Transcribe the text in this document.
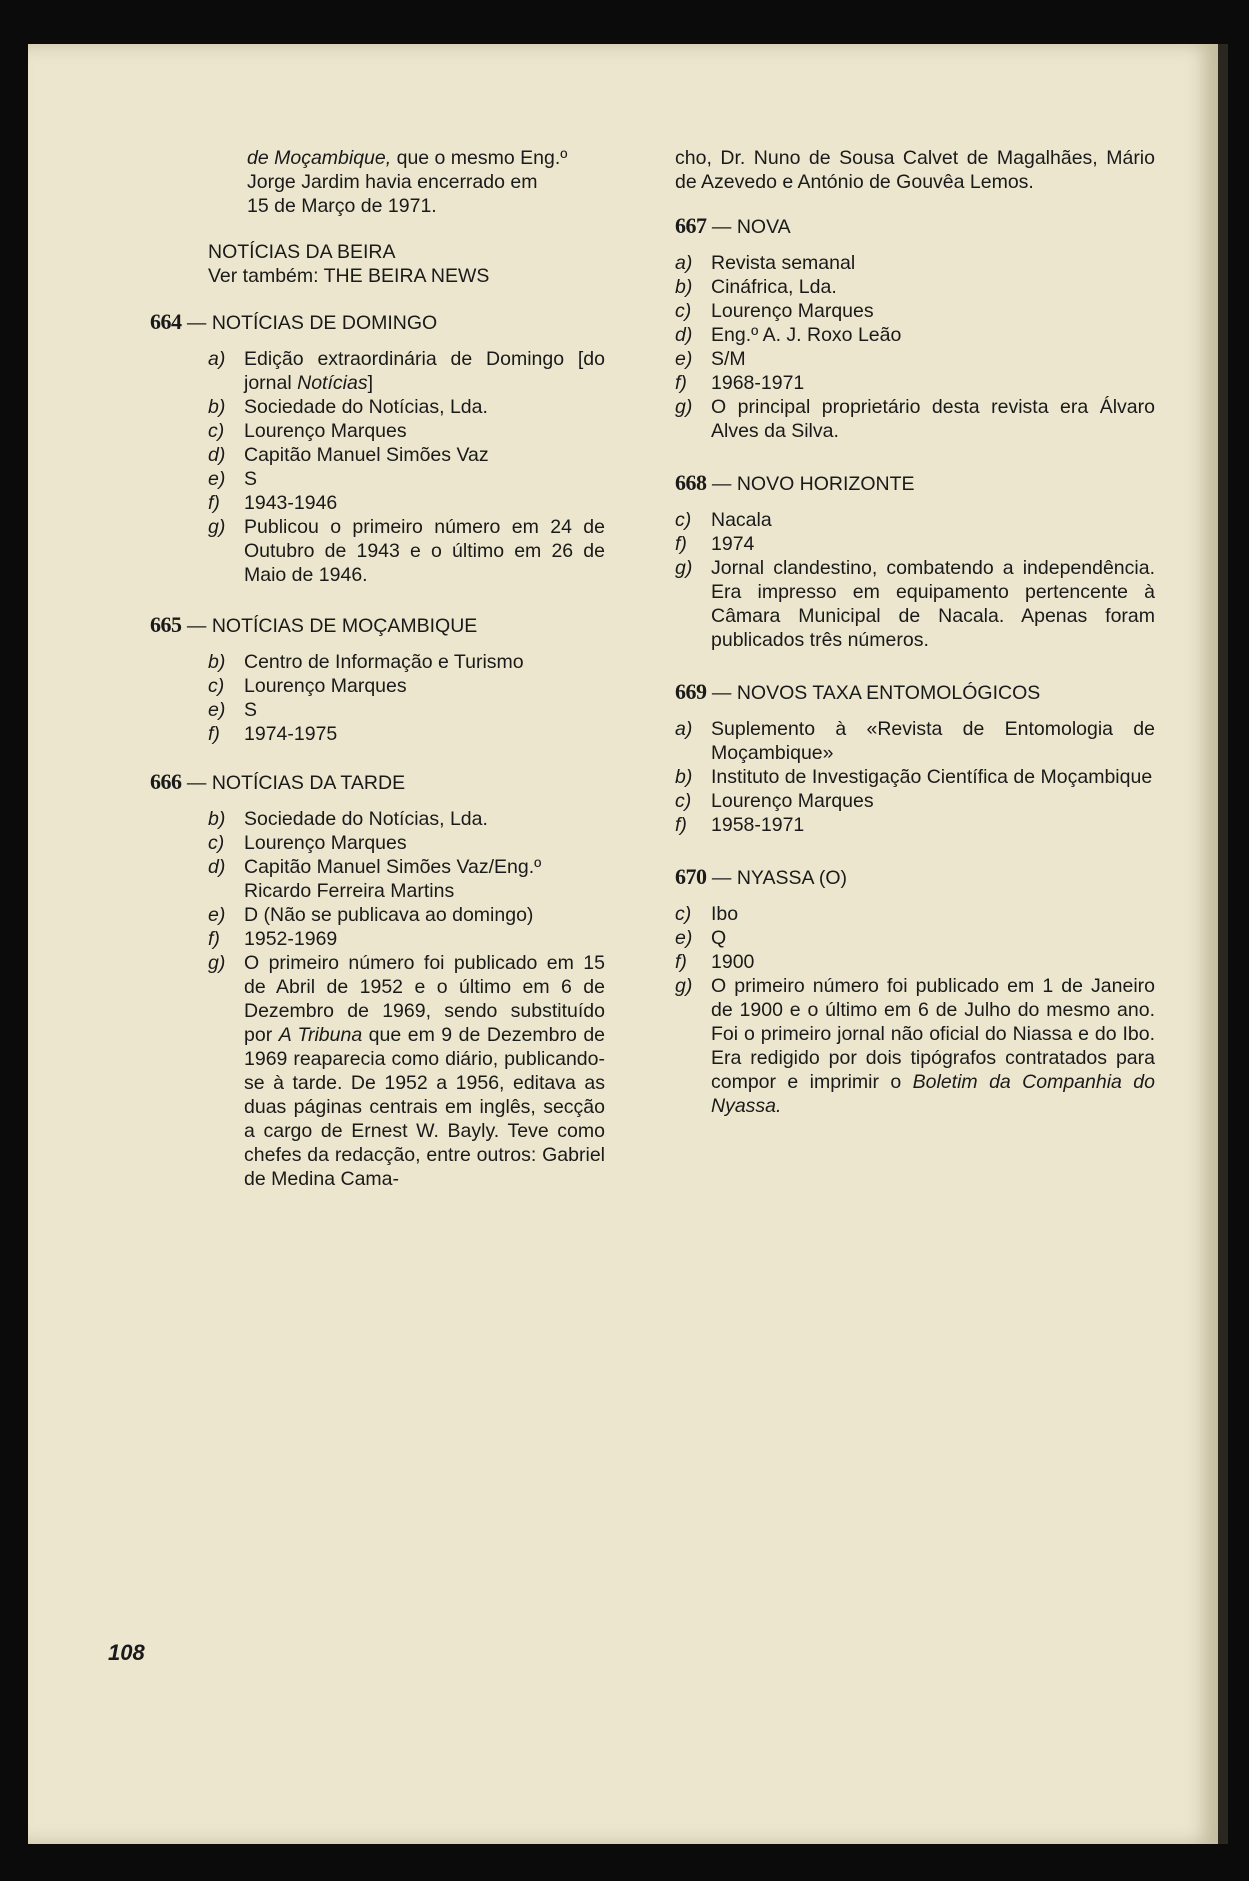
de Moçambique, que o mesmo Eng.º
Jorge Jardim havia encerrado em
15 de Março de 1971.
NOTÍCIAS DA BEIRA
Ver também: THE BEIRA NEWS
664 — NOTÍCIAS DE DOMINGO
a) Edição extraordinária de Domingo [do jornal Notícias]
b) Sociedade do Notícias, Lda.
c)	Lourenço Marques
d) Capitão Manuel Simões Vaz
e) S
f)	1943-1946
g) Publicou o primeiro número em 24 de Outubro de 1943 e o último em 26 de Maio de 1946.
665 — NOTÍCIAS DE MOÇAMBIQUE
b) Centro de Informação e Turismo
c)	Lourenço Marques
e) S
f)	1974-1975
666 — NOTÍCIAS DA TARDE
b) Sociedade do Notícias, Lda.
c)	Lourenço Marques
d) Capitão Manuel Simões Vaz/Eng.º Ricardo Ferreira Martins
e) D (Não se publicava ao domingo)
f)	1952-1969
g) O primeiro número foi publicado em 15 de Abril de 1952 e o último em 6 de Dezembro de 1969, sendo substituído por A Tribuna que em 9 de Dezembro de 1969 reaparecia como diário, publicando-se à tarde. De 1952 a 1956, editava as duas páginas centrais em inglês, secção a cargo de Ernest W. Bayly. Teve como chefes da redacção, entre outros: Gabriel de Medina Cama-
cho, Dr. Nuno de Sousa Calvet de Magalhães, Mário de Azevedo e António de Gouvêa Lemos.
667 — NOVA
a) Revista semanal
b) Cináfrica, Lda.
c)	Lourenço Marques
d) Eng.º A. J. Roxo Leão
e) S/M
f)	1968-1971
g) O principal proprietário desta revista era Álvaro Alves da Silva.
668 — NOVO HORIZONTE
c)	Nacala
f)	1974
g) Jornal clandestino, combatendo a independência. Era impresso em equipamento pertencente à Câmara Municipal de Nacala. Apenas foram publicados três números.
669 — NOVOS TAXA ENTOMOLÓGICOS
a) Suplemento à «Revista de Entomologia de Moçambique»
b) Instituto de Investigação Científica de Moçambique
c)	Lourenço Marques
f)	1958-1971
670 — NYASSA (O)
c)	Ibo
e) Q
f)	1900
g) O primeiro número foi publicado em 1 de Janeiro de 1900 e o último em 6 de Julho do mesmo ano. Foi o primeiro jornal não oficial do Niassa e do Ibo. Era redigido por dois tipógrafos contratados para compor e imprimir o Boletim da Companhia do Nyassa.
108
